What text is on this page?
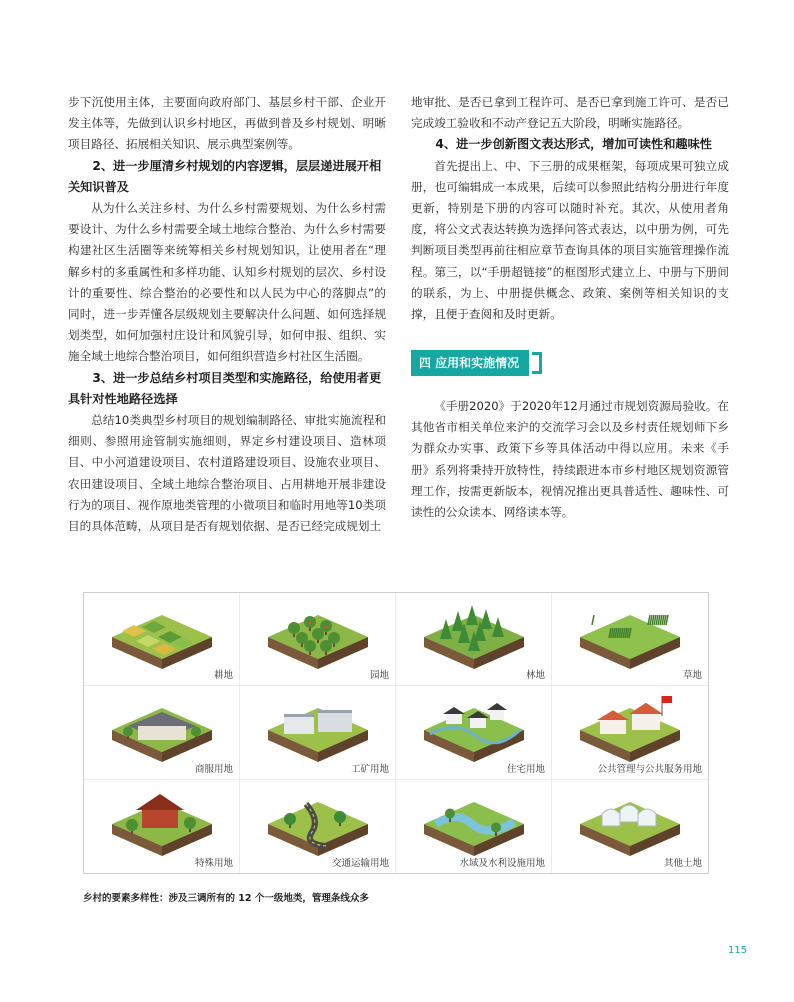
步下沉使用主体，主要面向政府部门、基层乡村干部、企业开发主体等，先做到认识乡村地区，再做到普及乡村规划、明晰项目路径、拓展相关知识、展示典型案例等。

2、进一步厘清乡村规划的内容逻辑，层层递进展开相关知识普及

从为什么关注乡村、为什么乡村需要规划、为什么乡村需要设计、为什么乡村需要全域土地综合整治、为什么乡村需要构建社区生活圈等来统筹相关乡村规划知识，让使用者在“理解乡村的多重属性和多样功能、认知乡村规划的层次、乡村设计的重要性、综合整治的必要性和以人民为中心的落脚点”的同时，进一步弄懂各层级规划主要解决什么问题、如何选择规划类型，如何加强村庄设计和风貌引导，如何申报、组织、实施全域土地综合整治项目，如何组织营造乡村社区生活圈。

3、进一步总结乡村项目类型和实施路径，给使用者更具针对性地路径选择

总结10类典型乡村项目的规划编制路径、审批实施流程和细则、参照用途管制实施细则，界定乡村建设项目、造林项目、中小河道建设项目、农村道路建设项目、设施农业项目、农田建设项目、全域土地综合整治项目、占用耕地开展非建设行为的项目、视作原地类管理的小微项目和临时用地等10类项目的具体范畴，从项目是否有规划依据、是否已经完成规划土

地审批、是否已拿到工程许可、是否已拿到施工许可、是否已完成竣工验收和不动产登记五大阶段，明晰实施路径。

4、进一步创新图文表达形式，增加可读性和趣味性

首先提出上、中、下三册的成果框架，每项成果可独立成册，也可编辑成一本成果，后续可以参照此结构分册进行年度更新，特别是下册的内容可以随时补充。其次，从使用者角度，将公文式表达转换为选择问答式表达，以中册为例，可先判断项目类型再前往相应章节查询具体的项目实施管理操作流程。第三，以“手册超链接”的框图形式建立上、中册与下册间的联系，为上、中册提供概念、政策、案例等相关知识的支撑，且便于查阅和及时更新。

四 应用和实施情况

《手册2020》于2020年12月通过市规划资源局验收。在其他省市相关单位来沪的交流学习会以及乡村责任规划师下乡为群众办实事、政策下乡等具体活动中得以应用。未来《手册》系列将秉持开放特性，持续跟进本市乡村地区规划资源管理工作，按需更新版本，视情况推出更具普适性、趣味性、可读性的公众读本、网络读本等。

耕地	园地	林地	草地
商服用地	工矿用地	住宅用地	公共管理与公共服务用地
特殊用地	交通运输用地	水域及水利设施用地	其他土地
乡村的要素多样性：涉及三调所有的 12 个一级地类，管理条线众多
115
